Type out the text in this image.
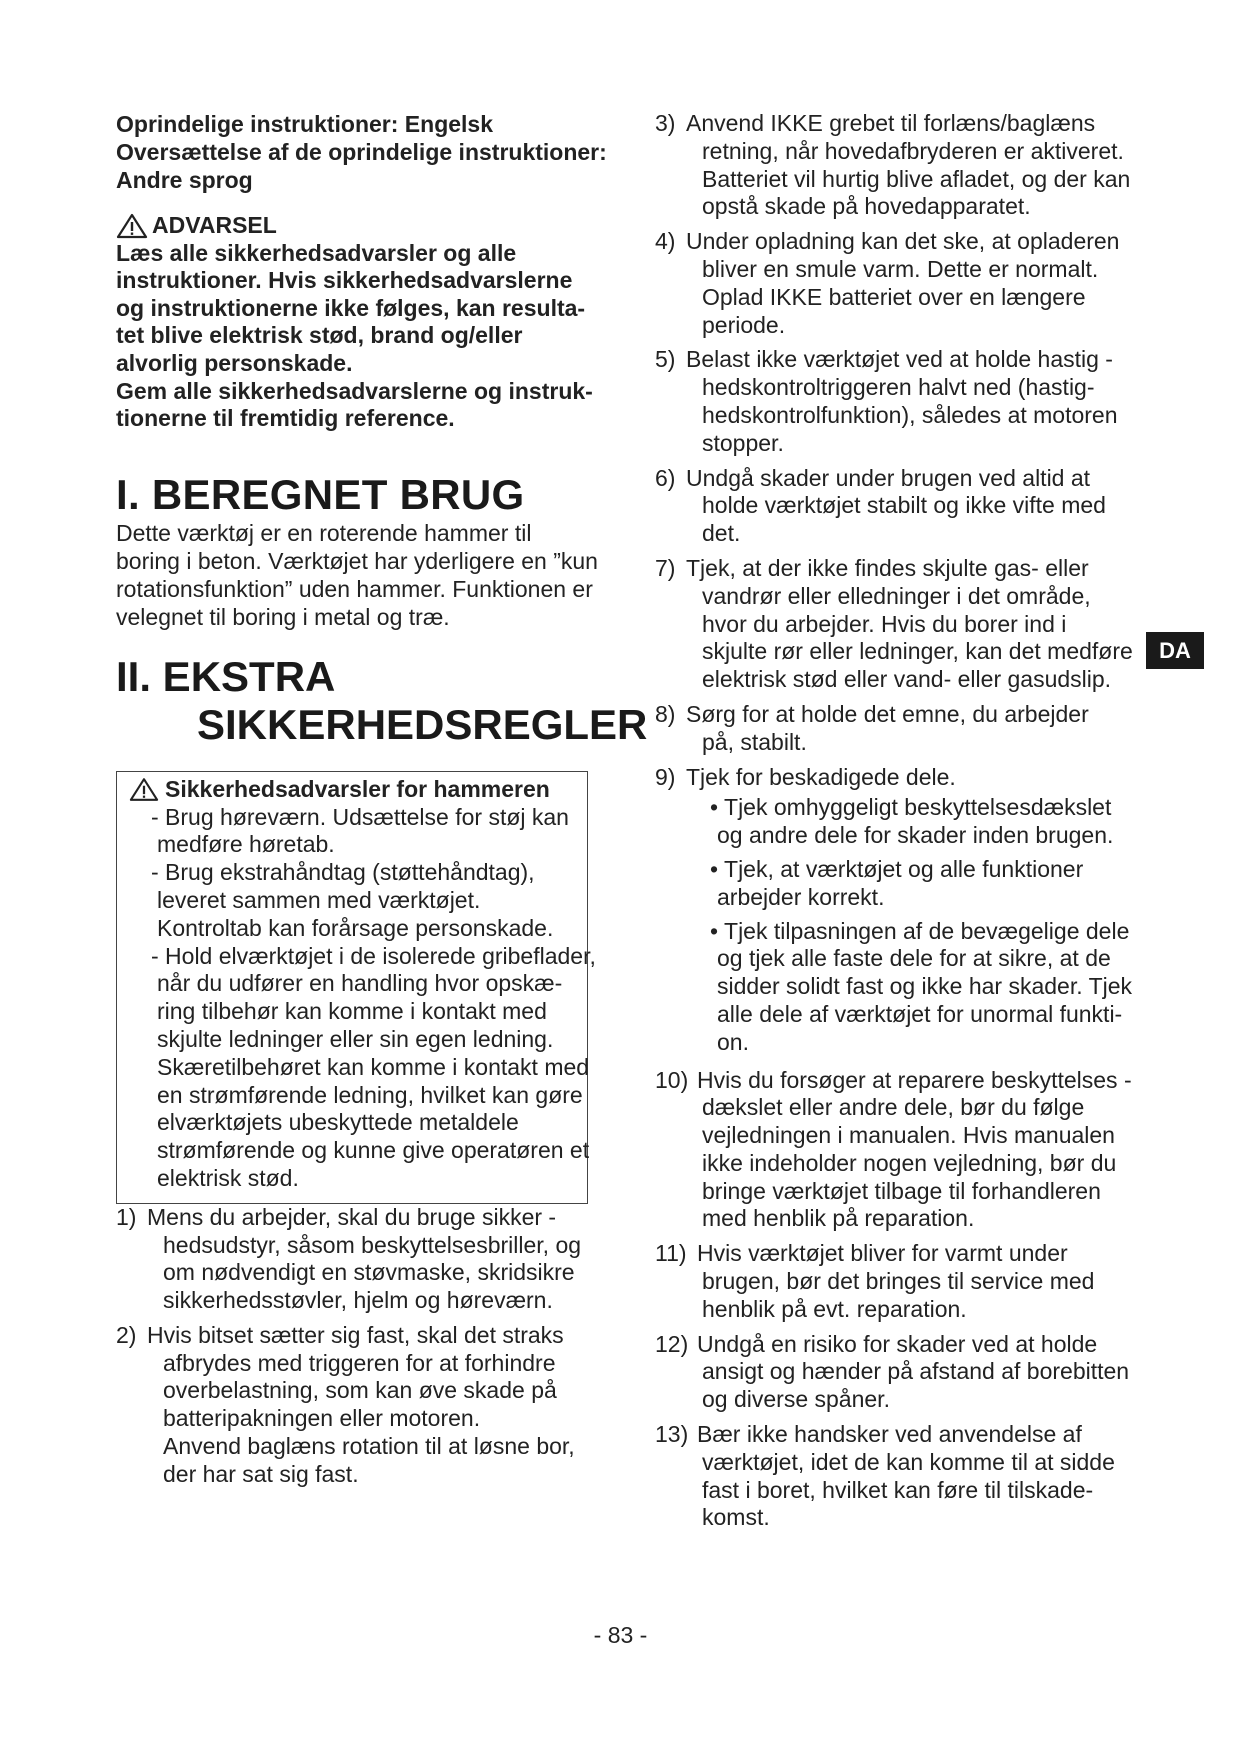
Oprindelige instruktioner: Engelsk
Oversættelse af de oprindelige instruktioner:
Andre sprog
ADVARSEL
Læs alle sikkerhedsadvarsler og alle
instruktioner. Hvis sikkerhedsadvarslerne
og instruktionerne ikke følges, kan resulta-
tet blive elektrisk stød, brand og/eller
alvorlig personskade.
Gem alle sikkerhedsadvarslerne og instruk-
tionerne til fremtidig reference.
I. BEREGNET BRUG
Dette værktøj er en roterende hammer til
boring i beton. Værktøjet har yderligere en ”kun
rotationsfunktion” uden hammer. Funktionen er
velegnet til boring i metal og træ.
II. EKSTRA
SIKKERHEDSREGLER
Sikkerhedsadvarsler for hammeren
- Brug høreværn. Udsættelse for støj kan
medføre høretab.
- Brug ekstrahåndtag (støttehåndtag),
leveret sammen med værktøjet.
Kontroltab kan forårsage personskade.
- Hold elværktøjet i de isolerede gribeflader,
når du udfører en handling hvor opskæ-
ring tilbehør kan komme i kontakt med
skjulte ledninger eller sin egen ledning.
Skæretilbehøret kan komme i kontakt med
en strømførende ledning, hvilket kan gøre
elværktøjets ubeskyttede metaldele
strømførende og kunne give operatøren et
elektrisk stød.
1) Mens du arbejder, skal du bruge sikker -
hedsudstyr, såsom beskyttelsesbriller, og
om nødvendigt en støvmaske, skridsikre
sikkerhedsstøvler, hjelm og høreværn.
2) Hvis bitset sætter sig fast, skal det straks
afbrydes med triggeren for at forhindre
overbelastning, som kan øve skade på
batteripakningen eller motoren.
Anvend baglæns rotation til at løsne bor,
der har sat sig fast.
3) Anvend IKKE grebet til forlæns/baglæns
retning, når hovedafbryderen er aktiveret.
Batteriet vil hurtig blive afladet, og der kan
opstå skade på hovedapparatet.
4) Under opladning kan det ske, at opladeren
bliver en smule varm. Dette er normalt.
Oplad IKKE batteriet over en længere
periode.
5) Belast ikke værktøjet ved at holde hastig -
hedskontroltriggeren halvt ned (hastig-
hedskontrolfunktion), således at motoren
stopper.
6) Undgå skader under brugen ved altid at
holde værktøjet stabilt og ikke vifte med
det.
7) Tjek, at der ikke findes skjulte gas- eller
vandrør eller elledninger i det område,
hvor du arbejder. Hvis du borer ind i
skjulte rør eller ledninger, kan det medføre
elektrisk stød eller vand- eller gasudslip.
8) Sørg for at holde det emne, du arbejder
på, stabilt.
9) Tjek for beskadigede dele.
• Tjek omhyggeligt beskyttelsesdækslet
og andre dele for skader inden brugen.
• Tjek, at værktøjet og alle funktioner
arbejder korrekt.
• Tjek tilpasningen af de bevægelige dele
og tjek alle faste dele for at sikre, at de
sidder solidt fast og ikke har skader. Tjek
alle dele af værktøjet for unormal funkti-
on.
10) Hvis du forsøger at reparere beskyttelses -
dækslet eller andre dele, bør du følge
vejledningen i manualen. Hvis manualen
ikke indeholder nogen vejledning, bør du
bringe værktøjet tilbage til forhandleren
med henblik på reparation.
11) Hvis værktøjet bliver for varmt under
brugen, bør det bringes til service med
henblik på evt. reparation.
12) Undgå en risiko for skader ved at holde
ansigt og hænder på afstand af borebitten
og diverse spåner.
13) Bær ikke handsker ved anvendelse af
værktøjet, idet de kan komme til at sidde
fast i boret, hvilket kan føre til tilskade-
komst.
DA
- 83 -
